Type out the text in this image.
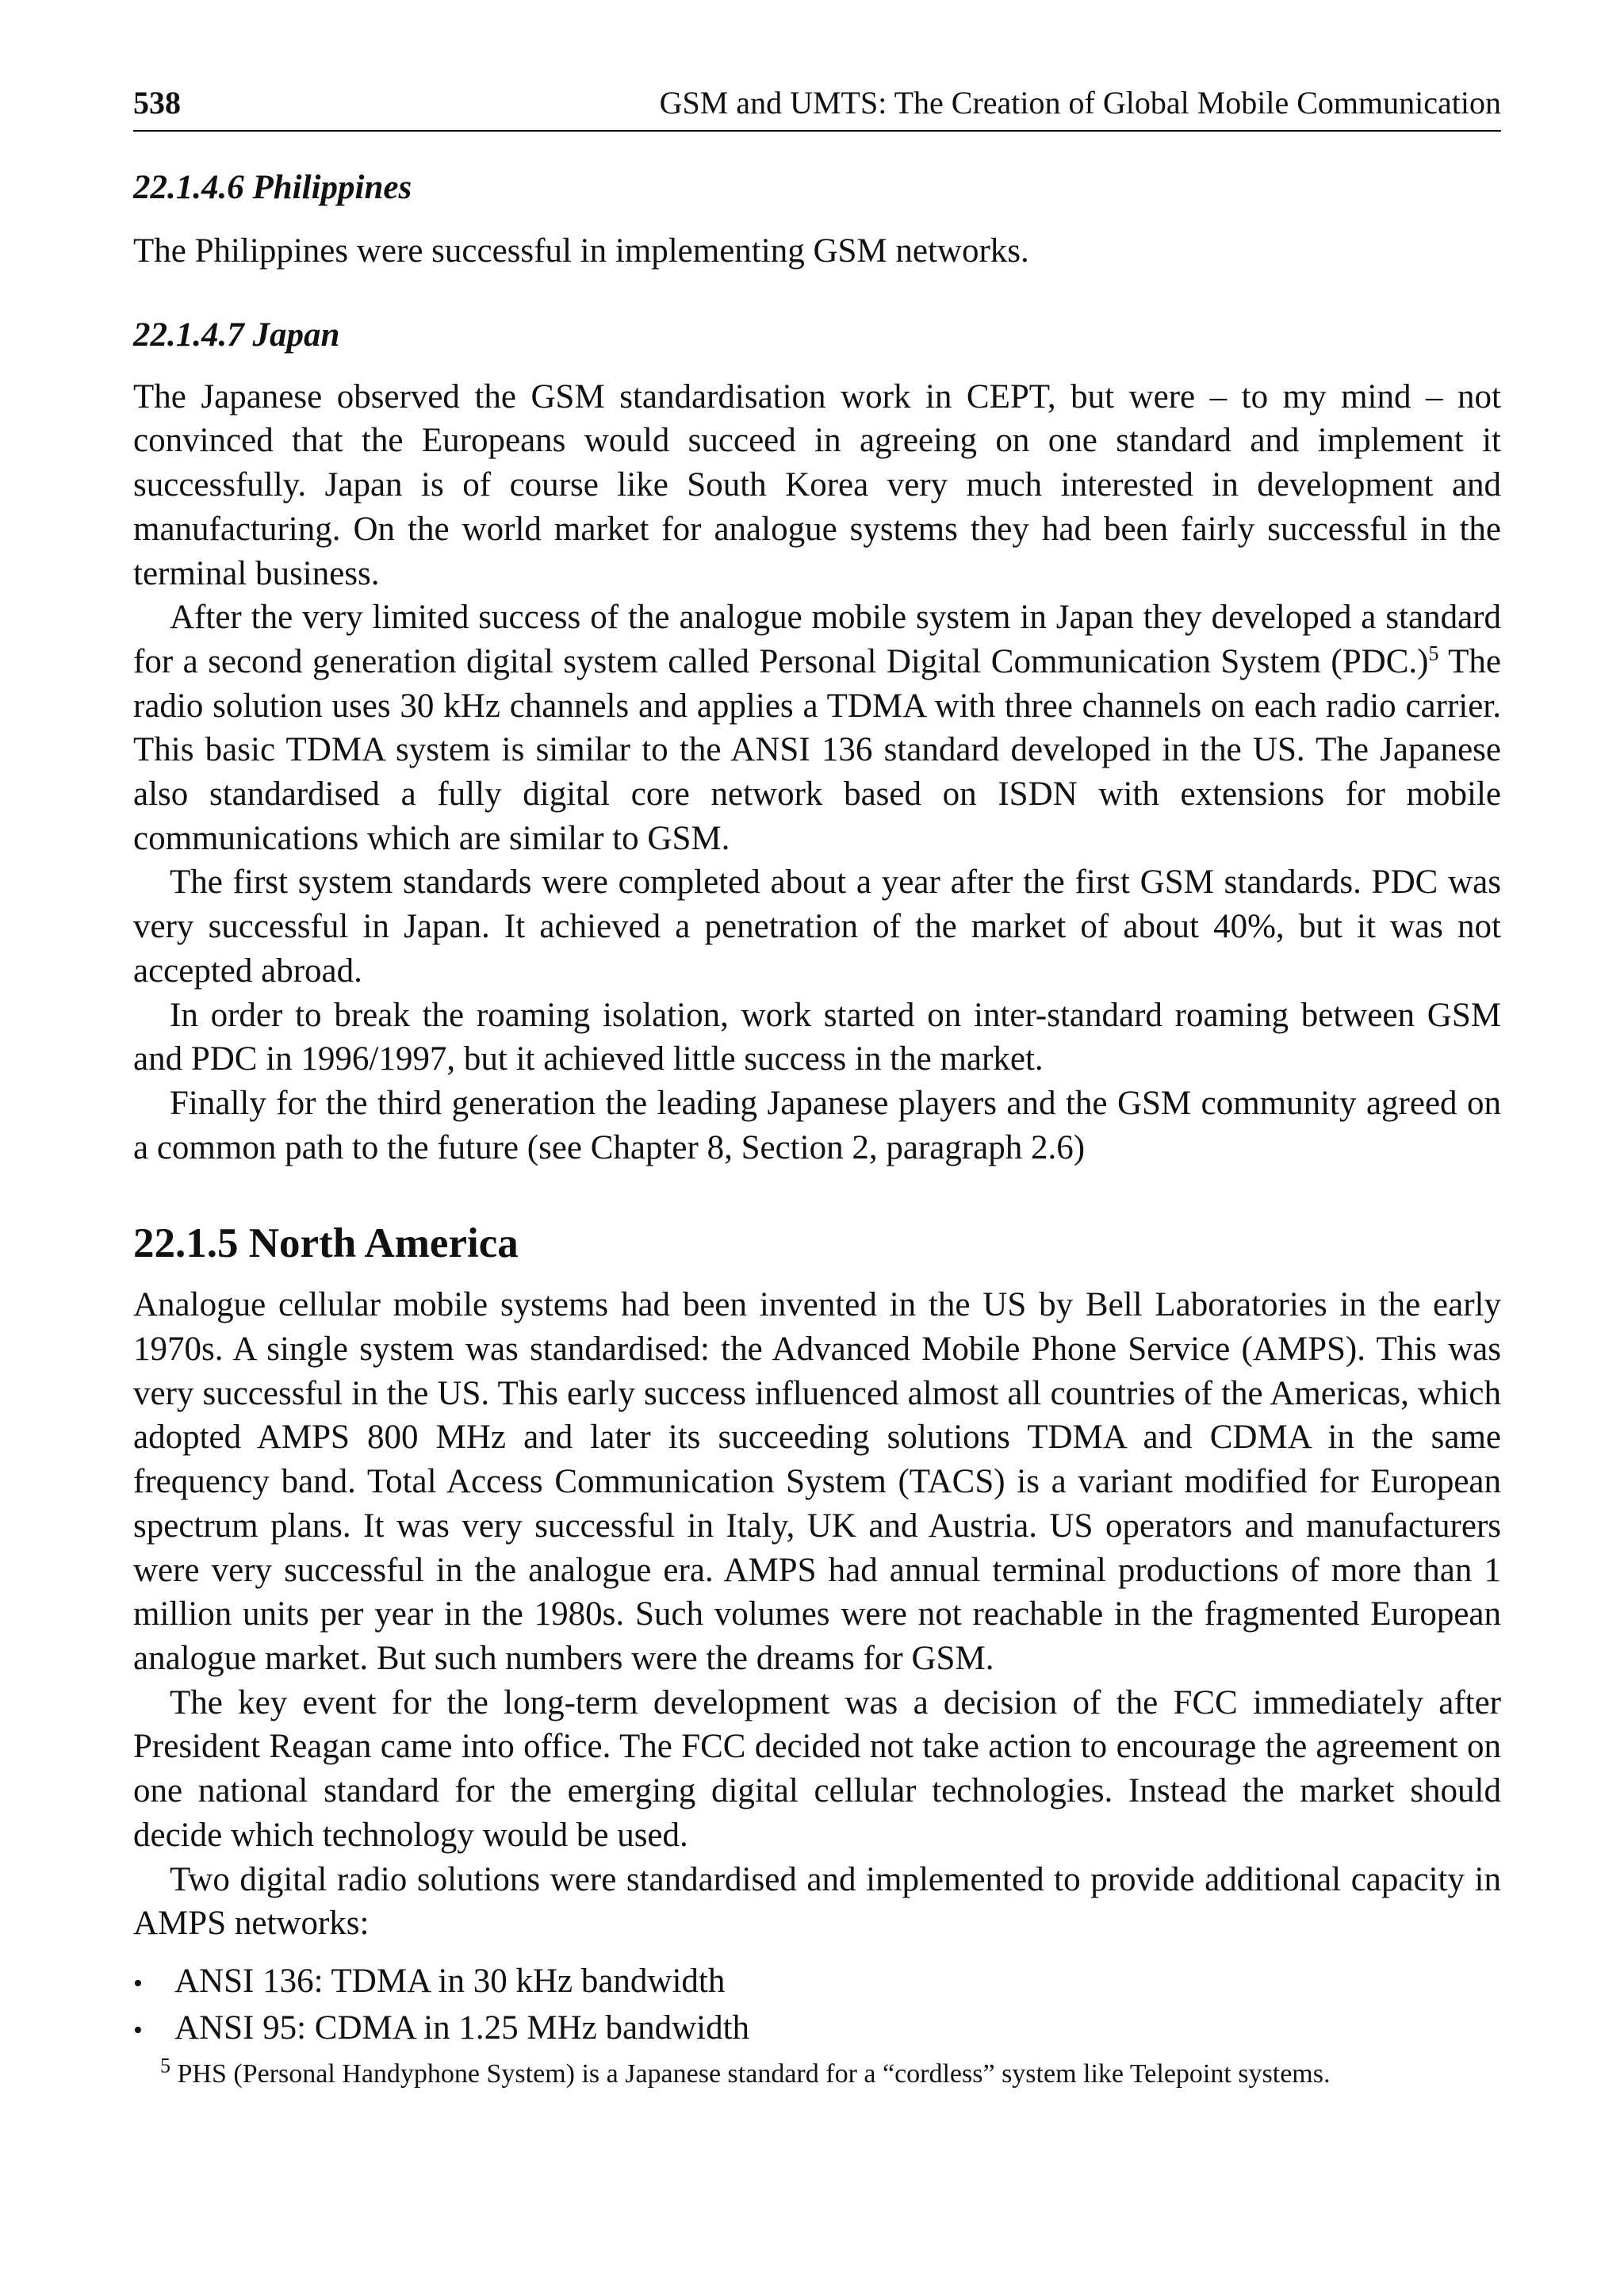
538	GSM and UMTS: The Creation of Global Mobile Communication
22.1.4.6 Philippines

The Philippines were successful in implementing GSM networks.

22.1.4.7 Japan

The Japanese observed the GSM standardisation work in CEPT, but were – to my mind – not convinced that the Europeans would succeed in agreeing on one standard and implement it successfully. Japan is of course like South Korea very much interested in development and manufacturing. On the world market for analogue systems they had been fairly successful in the terminal business.

After the very limited success of the analogue mobile system in Japan they developed a standard for a second generation digital system called Personal Digital Communication System $(PDC.)^5$ The radio solution uses 30 kHz channels and applies a TDMA with three channels on each radio carrier. This basic TDMA system is similar to the ANSI 136 standard developed in the US. The Japanese also standardised a fully digital core network based on ISDN with extensions for mobile communications which are similar to GSM.

The first system standards were completed about a year after the first GSM standards. PDC was very successful in Japan. It achieved a penetration of the market of about 40%, but it was not accepted abroad.

In order to break the roaming isolation, work started on inter-standard roaming between GSM and PDC in 1996/1997, but it achieved little success in the market.

Finally for the third generation the leading Japanese players and the GSM community agreed on a common path to the future (see Chapter 8, Section 2, paragraph 2.6)

22.1.5 North America

Analogue cellular mobile systems had been invented in the US by Bell Laboratories in the early 1970s. A single system was standardised: the Advanced Mobile Phone Service (AMPS). This was very successful in the US. This early success influenced almost all countries of the Americas, which adopted AMPS 800 MHz and later its succeeding solutions TDMA and CDMA in the same frequency band. Total Access Communication System (TACS) is a variant modified for European spectrum plans. It was very successful in Italy, UK and Austria. US operators and manufacturers were very successful in the analogue era. AMPS had annual terminal productions of more than 1 million units per year in the 1980s. Such volumes were not reachable in the fragmented European analogue market. But such numbers were the dreams for GSM.

The key event for the long-term development was a decision of the FCC immediately after President Reagan came into office. The FCC decided not take action to encourage the agreement on one national standard for the emerging digital cellular technologies. Instead the market should decide which technology would be used.

Two digital radio solutions were standardised and implemented to provide additional capacity in AMPS networks:

• ANSI 136: TDMA in 30 kHz bandwidth
• ANSI 95: CDMA in 1.25 MHz bandwidth

$^5$ PHS (Personal Handyphone System) is a Japanese standard for a “cordless” system like Telepoint systems.
